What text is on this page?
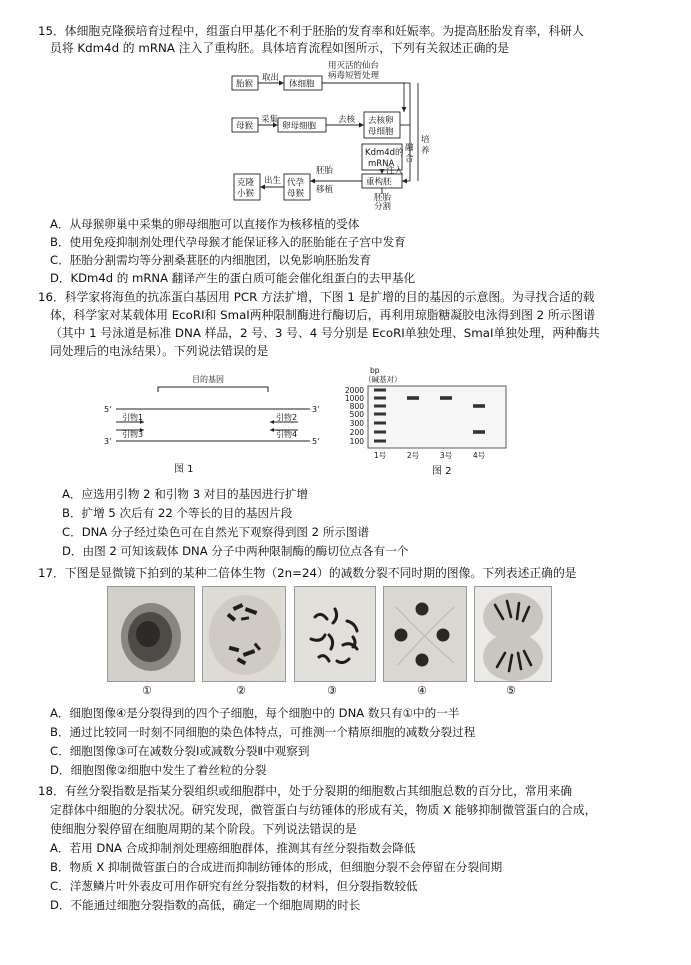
15．体细胞克隆猴培育过程中，组蛋白甲基化不利于胚胎的发育率和妊娠率。为提高胚胎发育率，科研人
员将 Kdm4d 的 mRNA 注入了重构胚。具体培育流程如图所示，下列有关叙述正确的是
胎猴
取出
体细胞
用灭活的仙台
病毒短暂处理
母猴
采集
卵母细胞
去核 去核卵
母细胞
融
合
培
养
Kdm4d的
mRNA
注入
重构胚
胚胎
移植
代孕
母猴
出生
克隆
小猴	胚胎
分割
A．从母猴卵巢中采集的卵母细胞可以直接作为核移植的受体
B．使用免疫抑制剂处理代孕母猴才能保证移入的胚胎能在子宫中发育
C．胚胎分割需均等分割桑葚胚的内细胞团，以免影响胚胎发育
D．KDm4d 的 mRNA 翻译产生的蛋白质可能会催化组蛋白的去甲基化
16．科学家将海鱼的抗冻蛋白基因用 PCR 方法扩增，下图 1 是扩增的目的基因的示意图。为寻找合适的载
体，科学家对某载体用 EcoRⅠ和 SmaⅠ两种限制酶进行酶切后，再利用琼脂糖凝胶电泳得到图 2 所示图谱
（其中 1 号泳道是标准 DNA 样品，2 号、3 号、4 号分别是 EcoRⅠ单独处理、SmaⅠ单独处理，两种酶共
同处理后的电泳结果）。下列说法错误的是
目的基因
5'	3'
3'	5'
引物1
引物3
引物2
引物4
图 1
bp
（碱基对）
2000
1000
800
500
300
200
100
1号	2号	3号	4号
图 2
A．应选用引物 2 和引物 3 对目的基因进行扩增
B．扩增 5 次后有 22 个等长的目的基因片段
C．DNA 分子经过染色可在自然光下观察得到图 2 所示图谱
D．由图 2 可知该载体 DNA 分子中两种限制酶的酶切位点各有一个
17．下图是显微镜下拍到的某种二倍体生物（2n=24）的减数分裂不同时期的图像。下列表述正确的是
①	②	③	④	⑤
A．细胞图像④是分裂得到的四个子细胞，每个细胞中的 DNA 数只有①中的一半
B．通过比较同一时刻不同细胞的染色体特点，可推测一个精原细胞的减数分裂过程
C．细胞图像③可在减数分裂Ⅰ或减数分裂Ⅱ中观察到
D．细胞图像②细胞中发生了着丝粒的分裂
18．有丝分裂指数是指某分裂组织或细胞群中，处于分裂期的细胞数占其细胞总数的百分比，常用来确
定群体中细胞的分裂状况。研究发现，微管蛋白与纺锤体的形成有关，物质 X 能够抑制微管蛋白的合成，
使细胞分裂停留在细胞周期的某个阶段。下列说法错误的是
A．若用 DNA 合成抑制剂处理癌细胞群体，推测其有丝分裂指数会降低
B．物质 X 抑制微管蛋白的合成进而抑制纺锤体的形成，但细胞分裂不会停留在分裂间期
C．洋葱鳞片叶外表皮可用作研究有丝分裂指数的材料，但分裂指数较低
D．不能通过细胞分裂指数的高低，确定一个细胞周期的时长
